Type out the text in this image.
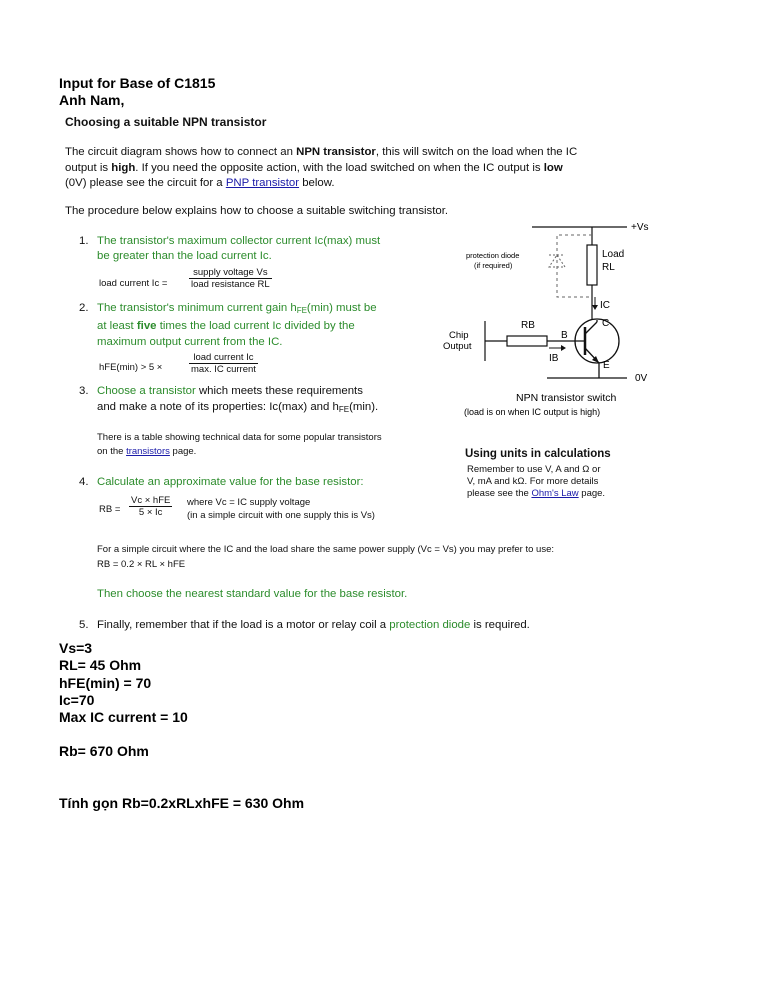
Input for Base of C1815
Anh Nam,
Choosing a suitable NPN transistor
The circuit diagram shows how to connect an NPN transistor, this will switch on the load when the IC
output is high. If you need the opposite action, with the load switched on when the IC output is low
(0V) please see the circuit for a PNP transistor below.
The procedure below explains how to choose a suitable switching transistor.
1. The transistor's maximum collector current Ic(max) must
be greater than the load current Ic.
load current Ic =
supply voltage Vs
load resistance RL
2. The transistor's minimum current gain $h_{FE}(\min)$ must be
at least five times the load current Ic divided by the
maximum output current from the IC.
hFE(min) > 5 ×
load current Ic
max. IC current
3. Choose a transistor which meets these requirements
and make a note of its properties: Ic(max) and $h_{FE}(\min)$.
There is a table showing technical data for some popular transistors
on the transistors page.
4. Calculate an approximate value for the base resistor:
RB =
Vc × hFE
5 × Ic
where Vc = IC supply voltage
(in a simple circuit with one supply this is Vs)
For a simple circuit where the IC and the load share the same power supply (Vc = Vs) you may prefer to use:
RB = 0.2 × RL × hFE
Then choose the nearest standard value for the base resistor.
5. Finally, remember that if the load is a motor or relay coil a protection diode is required.
+Vs
0V
Load
RL
protection diode
(if required)
IC
C
E
B
RB
IB
Chip
Output
NPN transistor switch
(load is on when IC output is high)
Using units in calculations
Remember to use V, A and Ω or
V, mA and kΩ. For more details
please see the Ohm's Law page.
Vs=3
RL= 45 Ohm
hFE(min) = 70
Ic=70
Max IC current = 10
Rb= 670 Ohm
Tính gọn Rb=0.2xRLxhFE = 630 Ohm
